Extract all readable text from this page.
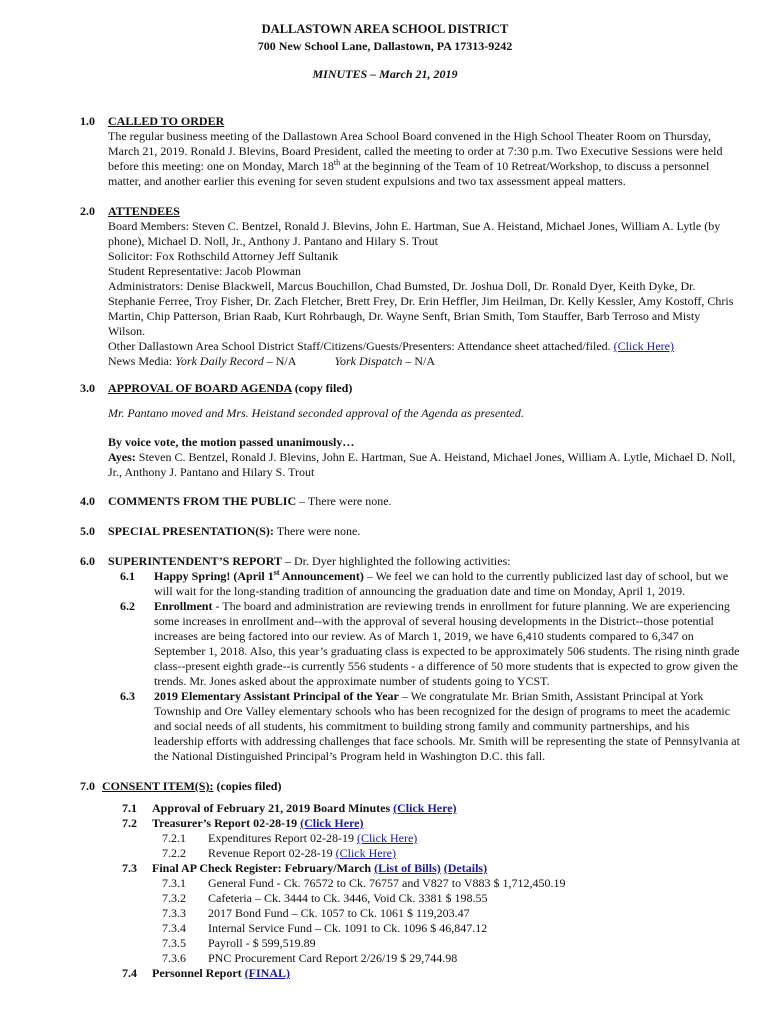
DALLASTOWN AREA SCHOOL DISTRICT
700 New School Lane, Dallastown, PA 17313-9242
MINUTES – March 21, 2019
1.0 CALLED TO ORDER
The regular business meeting of the Dallastown Area School Board convened in the High School Theater Room on Thursday, March 21, 2019. Ronald J. Blevins, Board President, called the meeting to order at 7:30 p.m. Two Executive Sessions were held before this meeting: one on Monday, March 18th at the beginning of the Team of 10 Retreat/Workshop, to discuss a personnel matter, and another earlier this evening for seven student expulsions and two tax assessment appeal matters.
2.0 ATTENDEES
Board Members: Steven C. Bentzel, Ronald J. Blevins, John E. Hartman, Sue A. Heistand, Michael Jones, William A. Lytle (by phone), Michael D. Noll, Jr., Anthony J. Pantano and Hilary S. Trout
Solicitor: Fox Rothschild Attorney Jeff Sultanik
Student Representative: Jacob Plowman
Administrators: Denise Blackwell, Marcus Bouchillon, Chad Bumsted, Dr. Joshua Doll, Dr. Ronald Dyer, Keith Dyke, Dr. Stephanie Ferree, Troy Fisher, Dr. Zach Fletcher, Brett Frey, Dr. Erin Heffler, Jim Heilman, Dr. Kelly Kessler, Amy Kostoff, Chris Martin, Chip Patterson, Brian Raab, Kurt Rohrbaugh, Dr. Wayne Senft, Brian Smith, Tom Stauffer, Barb Terroso and Misty Wilson.
Other Dallastown Area School District Staff/Citizens/Guests/Presenters: Attendance sheet attached/filed. (Click Here)
News Media: York Daily Record – N/A	York Dispatch – N/A
3.0 APPROVAL OF BOARD AGENDA (copy filed)
Mr. Pantano moved and Mrs. Heistand seconded approval of the Agenda as presented.
By voice vote, the motion passed unanimously…
Ayes: Steven C. Bentzel, Ronald J. Blevins, John E. Hartman, Sue A. Heistand, Michael Jones, William A. Lytle, Michael D. Noll, Jr., Anthony J. Pantano and Hilary S. Trout
4.0 COMMENTS FROM THE PUBLIC – There were none.
5.0 SPECIAL PRESENTATION(S): There were none.
6.0 SUPERINTENDENT’S REPORT – Dr. Dyer highlighted the following activities:
6.1 Happy Spring! (April 1st Announcement) – We feel we can hold to the currently publicized last day of school, but we will wait for the long-standing tradition of announcing the graduation date and time on Monday, April 1, 2019.
6.2 Enrollment - The board and administration are reviewing trends in enrollment for future planning. We are experiencing some increases in enrollment and--with the approval of several housing developments in the District--those potential increases are being factored into our review. As of March 1, 2019, we have 6,410 students compared to 6,347 on September 1, 2018. Also, this year’s graduating class is expected to be approximately 506 students. The rising ninth grade class--present eighth grade--is currently 556 students - a difference of 50 more students that is expected to grow given the trends. Mr. Jones asked about the approximate number of students going to YCST.
6.3 2019 Elementary Assistant Principal of the Year – We congratulate Mr. Brian Smith, Assistant Principal at York Township and Ore Valley elementary schools who has been recognized for the design of programs to meet the academic and social needs of all students, his commitment to building strong family and community partnerships, and his leadership efforts with addressing challenges that face schools. Mr. Smith will be representing the state of Pennsylvania at the National Distinguished Principal’s Program held in Washington D.C. this fall.
7.0 CONSENT ITEM(S): (copies filed)
7.1 Approval of February 21, 2019 Board Minutes (Click Here)
7.2 Treasurer’s Report 02-28-19 (Click Here)
7.2.1 Expenditures Report 02-28-19 (Click Here)
7.2.2 Revenue Report 02-28-19 (Click Here)
7.3 Final AP Check Register: February/March (List of Bills) (Details)
7.3.1 General Fund - Ck. 76572 to Ck. 76757 and V827 to V883 $ 1,712,450.19
7.3.2 Cafeteria – Ck. 3444 to Ck. 3446, Void Ck. 3381 $ 198.55
7.3.3 2017 Bond Fund – Ck. 1057 to Ck. 1061 $ 119,203.47
7.3.4 Internal Service Fund – Ck. 1091 to Ck. 1096 $ 46,847.12
7.3.5 Payroll - $ 599,519.89
7.3.6 PNC Procurement Card Report 2/26/19 $ 29,744.98
7.4 Personnel Report (FINAL)
